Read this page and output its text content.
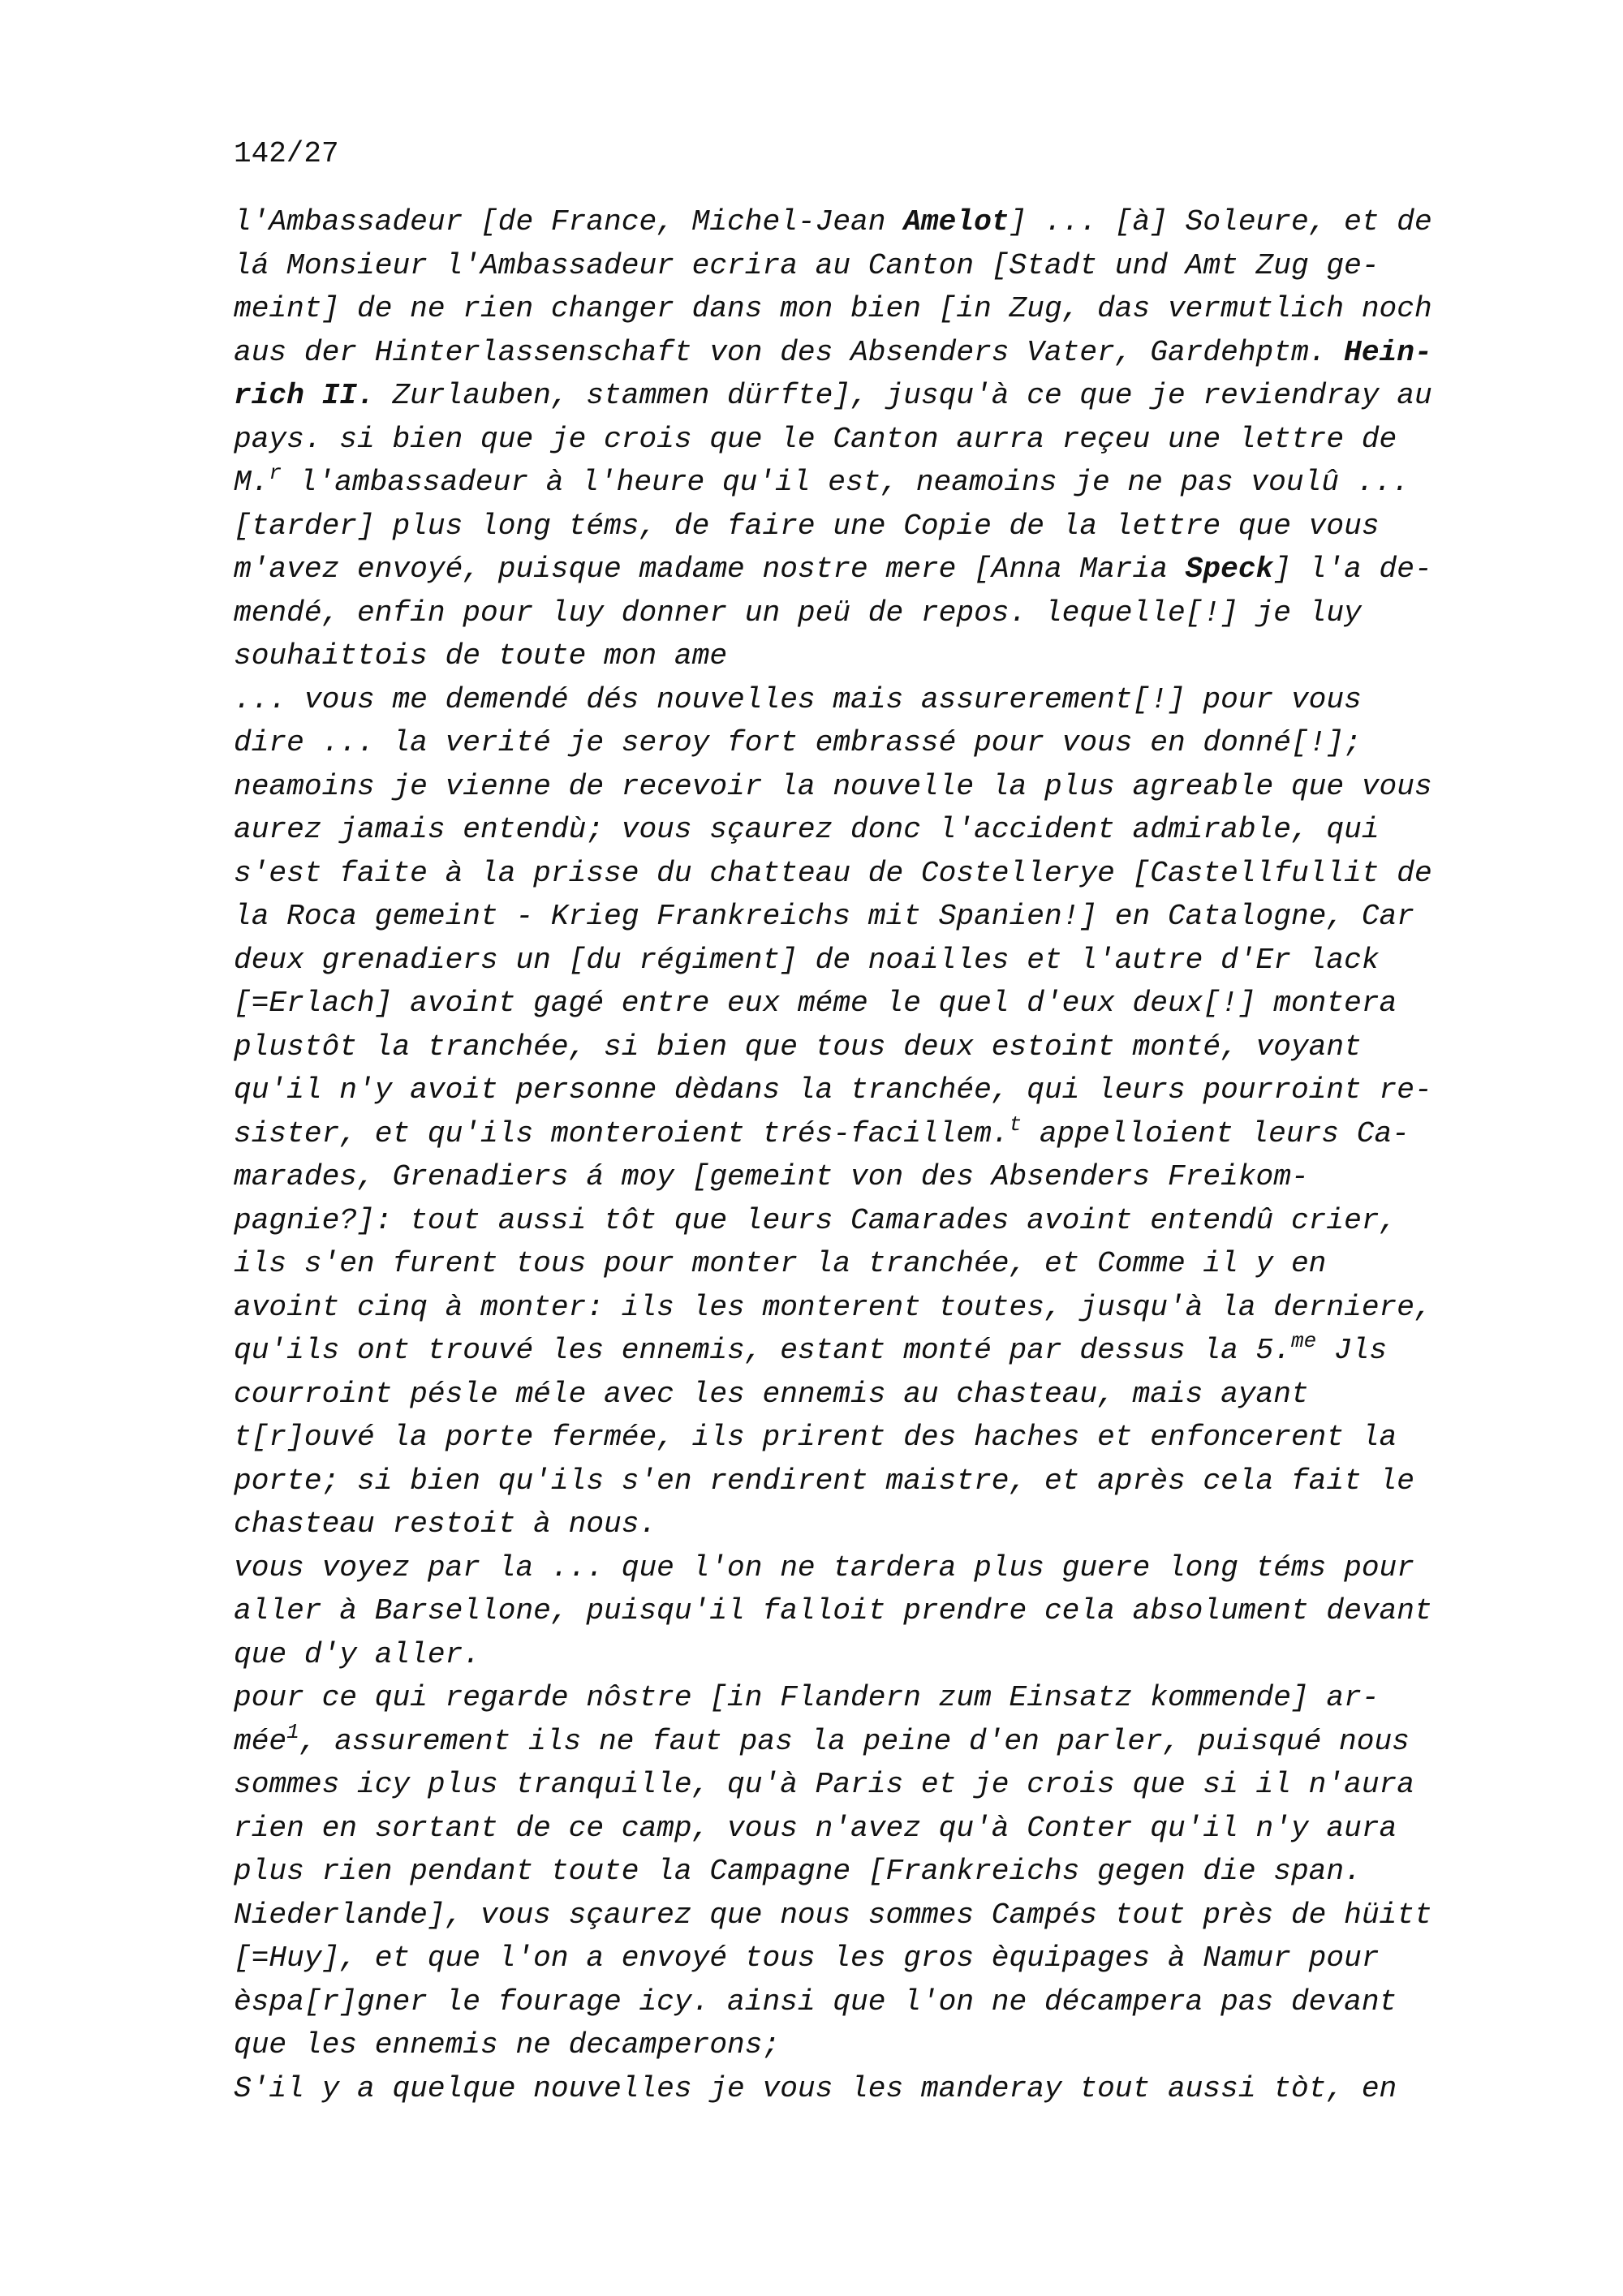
142/27

l'Ambassadeur [de France, Michel-Jean Amelot] ... [à] Soleure, et de
lá Monsieur l'Ambassadeur ecrira au Canton [Stadt und Amt Zug ge-
meint] de ne rien changer dans mon bien [in Zug, das vermutlich noch
aus der Hinterlassenschaft von des Absenders Vater, Gardehptm. Hein-
rich II. Zurlauben, stammen dürfte], jusqu'à ce que je reviendray au
pays. si bien que je crois que le Canton aurra reçeu une lettre de
M.$^r$ l'ambassadeur à l'heure qu'il est, neamoins je ne pas voulû ...
[tarder] plus long téms, de faire une Copie de la lettre que vous
m'avez envoyé, puisque madame nostre mere [Anna Maria Speck] l'a de-
mendé, enfin pour luy donner un peü de repos. lequelle[!] je luy
souhaittois de toute mon ame
... vous me demendé dés nouvelles mais assurerement[!] pour vous
dire ... la verité je seroy fort embrassé pour vous en donné[!];
neamoins je vienne de recevoir la nouvelle la plus agreable que vous
aurez jamais entendù; vous sçaurez donc l'accident admirable, qui
s'est faite à la prisse du chatteau de Costelleryе [Castellfullit de
la Roca gemeint - Krieg Frankreichs mit Spanien!] en Catalogne, Car
deux grenadiers un [du régiment] de noailles et l'autre d'Er lack
[=Erlach] avoint gagé entre eux méme le quel d'eux deux[!] montera
plustôt la tranchée, si bien que tous deux estoint monté, voyant
qu'il n'y avoit personne dèdans la tranchée, qui leurs pourroint re-
sister, et qu'ils monteroient trés-facillem.$^t$ appelloient leurs Ca-
marades, Grenadiers á moy [gemeint von des Absenders Freikom-
pagnie?]: tout aussi tôt que leurs Camarades avoint entendû crier,
ils s'en furent tous pour monter la tranchée, et Comme il y en
avoint cinq à monter: ils les monterent toutes, jusqu'à la derniere,
qu'ils ont trouvé les ennemis, estant monté par dessus la 5.$^{me}$ Jls
courroint pésle méle avec les ennemis au chasteau, mais ayant
t[r]ouvé la porte fermée, ils prirent des haches et enfoncerent la
porte; si bien qu'ils s'en rendirent maistre, et après cela fait le
chasteau restoit à nous.
vous voyez par la ... que l'on ne tardera plus guere long téms pour
aller à Barsellone, puisqu'il falloit prendre cela absolument devant
que d'y aller.
pour ce qui regarde nôstre [in Flandern zum Einsatz kommende] ar-
mée$^1$, assurement ils ne faut pas la peine d'en parler, puisqué nous
sommes icy plus tranquille, qu'à Paris et je crois que si il n'aura
rien en sortant de ce camp, vous n'avez qu'à Conter qu'il n'y aura
plus rien pendant toute la Campagne [Frankreichs gegen die span.
Niederlande], vous sçaurez que nous sommes Campés tout près de hüitt
[=Huy], et que l'on a envoyé tous les gros èquipages à Namur pour
èspa[r]gner le fourage icy. ainsi que l'on ne décampera pas devant
que les ennemis ne decamperons;
S'il y a quelque nouvelles je vous les manderay tout aussi tòt, en
